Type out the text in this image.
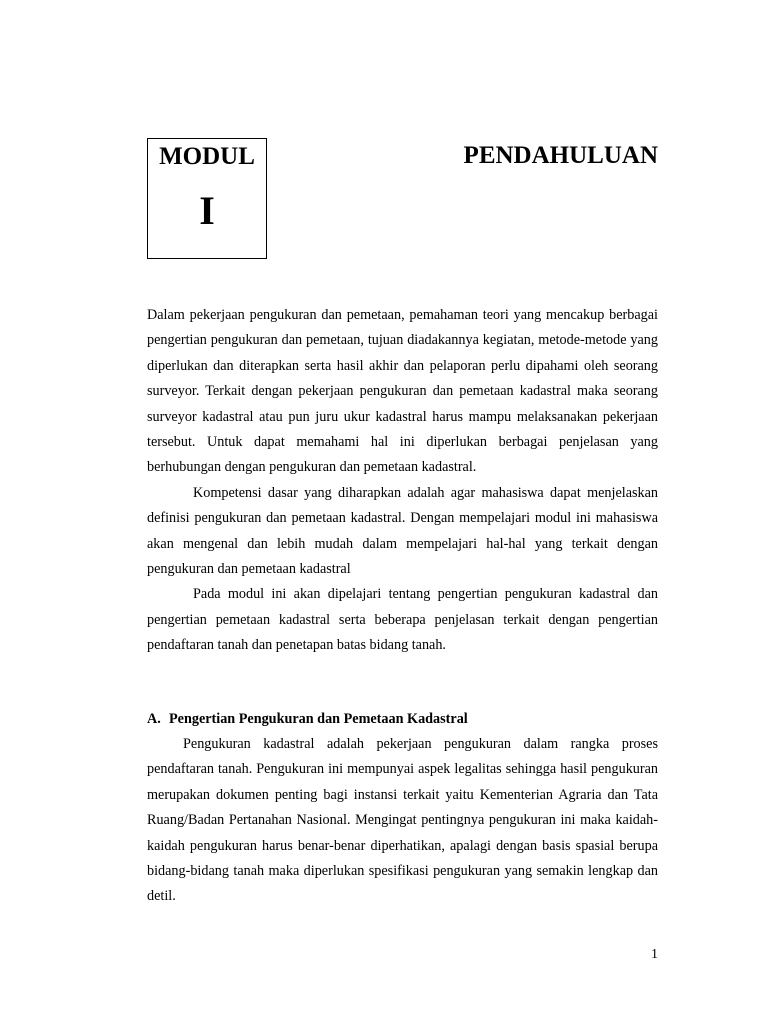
MODUL
I
PENDAHULUAN

Dalam pekerjaan pengukuran dan pemetaan, pemahaman teori yang mencakup berbagai pengertian pengukuran dan pemetaan, tujuan diadakannya kegiatan, metode-metode yang diperlukan dan diterapkan serta hasil akhir dan pelaporan perlu dipahami oleh seorang surveyor. Terkait dengan pekerjaan pengukuran dan pemetaan kadastral maka seorang surveyor kadastral atau pun juru ukur kadastral harus mampu melaksanakan pekerjaan tersebut. Untuk dapat memahami hal ini diperlukan berbagai penjelasan yang berhubungan dengan pengukuran dan pemetaan kadastral.

Kompetensi dasar yang diharapkan adalah agar mahasiswa dapat menjelaskan definisi pengukuran dan pemetaan kadastral. Dengan mempelajari modul ini mahasiswa akan mengenal dan lebih mudah dalam mempelajari hal-hal yang terkait dengan pengukuran dan pemetaan kadastral

Pada modul ini akan dipelajari tentang pengertian pengukuran kadastral dan pengertian pemetaan kadastral serta beberapa penjelasan terkait dengan pengertian pendaftaran tanah dan penetapan batas bidang tanah.

A. Pengertian Pengukuran dan Pemetaan Kadastral

Pengukuran kadastral adalah pekerjaan pengukuran dalam rangka proses pendaftaran tanah. Pengukuran ini mempunyai aspek legalitas sehingga hasil pengukuran merupakan dokumen penting bagi instansi terkait yaitu Kementerian Agraria dan Tata Ruang/Badan Pertanahan Nasional. Mengingat pentingnya pengukuran ini maka kaidah-kaidah pengukuran harus benar-benar diperhatikan, apalagi dengan basis spasial berupa bidang-bidang tanah maka diperlukan spesifikasi pengukuran yang semakin lengkap dan detil.

1
